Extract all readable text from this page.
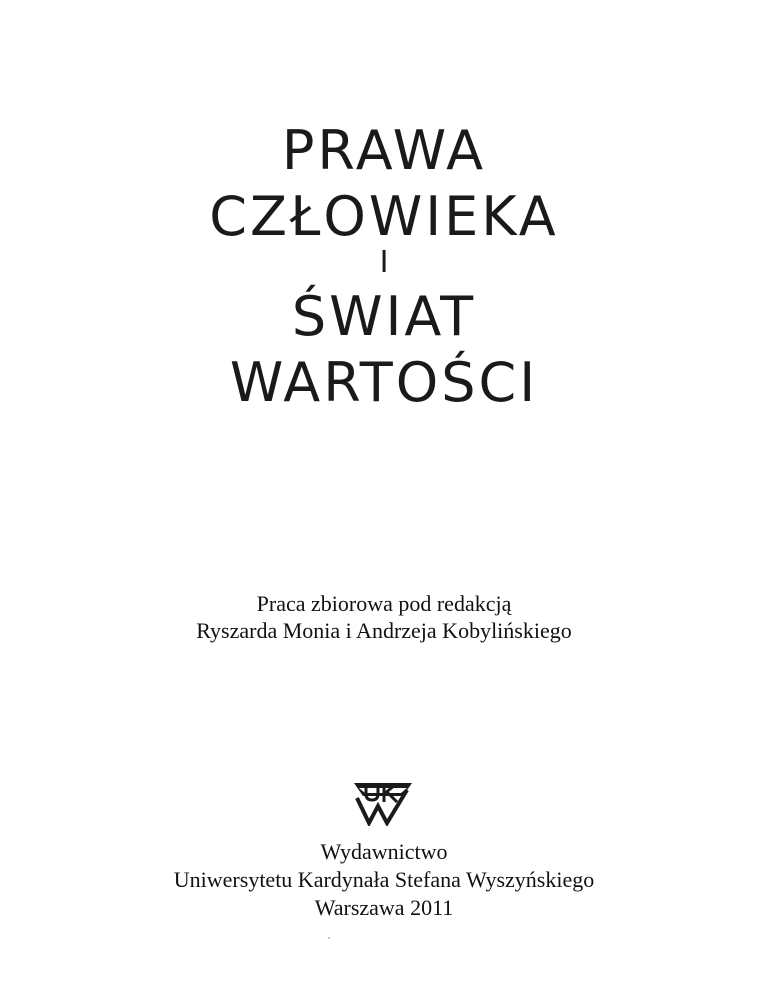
PRAWA
CZŁOWIEKA
I
ŚWIAT
WARTOŚCI
Praca zbiorowa pod redakcją
Ryszarda Monia i Andrzeja Kobylińskiego
Wydawnictwo
Uniwersytetu Kardynała Stefana Wyszyńskiego
Warszawa 2011
